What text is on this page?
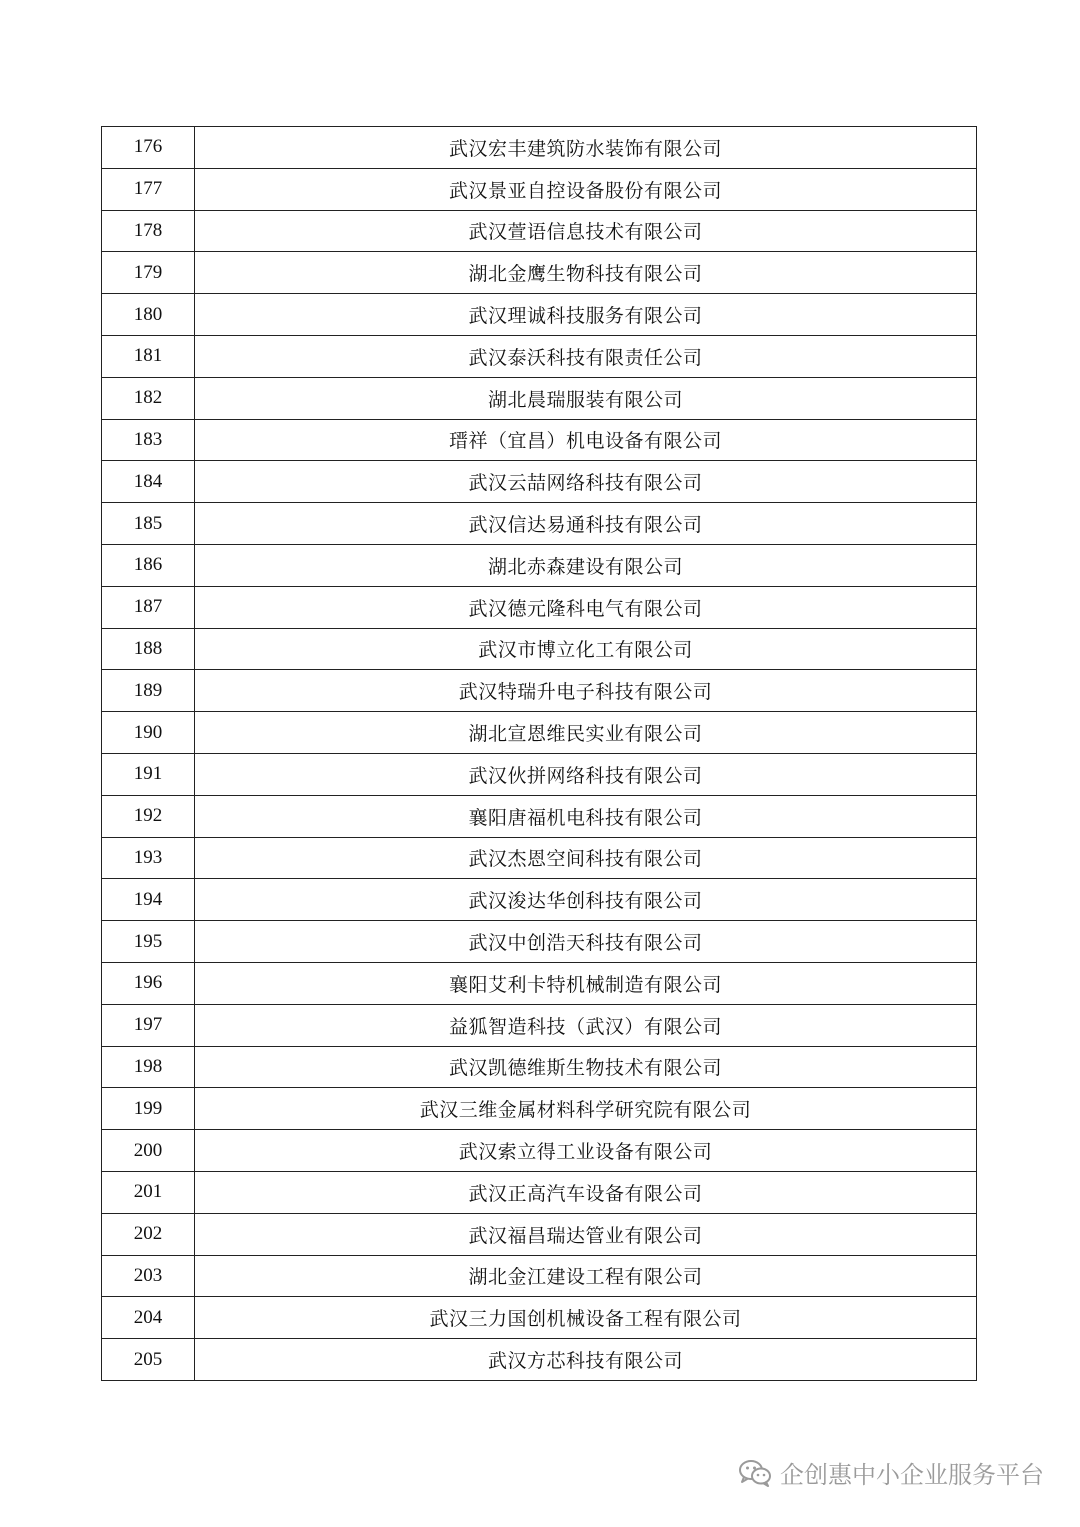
176	武汉宏丰建筑防水装饰有限公司
177	武汉景亚自控设备股份有限公司
178	武汉萱语信息技术有限公司
179	湖北金鹰生物科技有限公司
180	武汉理诚科技服务有限公司
181	武汉泰沃科技有限责任公司
182	湖北晨瑞服装有限公司
183	瑨祥（宜昌）机电设备有限公司
184	武汉云喆网络科技有限公司
185	武汉信达易通科技有限公司
186	湖北赤森建设有限公司
187	武汉德元隆科电气有限公司
188	武汉市博立化工有限公司
189	武汉特瑞升电子科技有限公司
190	湖北宣恩维民实业有限公司
191	武汉伙拼网络科技有限公司
192	襄阳唐福机电科技有限公司
193	武汉杰恩空间科技有限公司
194	武汉浚达华创科技有限公司
195	武汉中创浩天科技有限公司
196	襄阳艾利卡特机械制造有限公司
197	益狐智造科技（武汉）有限公司
198	武汉凯德维斯生物技术有限公司
199	武汉三维金属材料科学研究院有限公司
200	武汉索立得工业设备有限公司
201	武汉正高汽车设备有限公司
202	武汉福昌瑞达管业有限公司
203	湖北金江建设工程有限公司
204	武汉三力国创机械设备工程有限公司
205	武汉方芯科技有限公司
企创惠中小企业服务平台
